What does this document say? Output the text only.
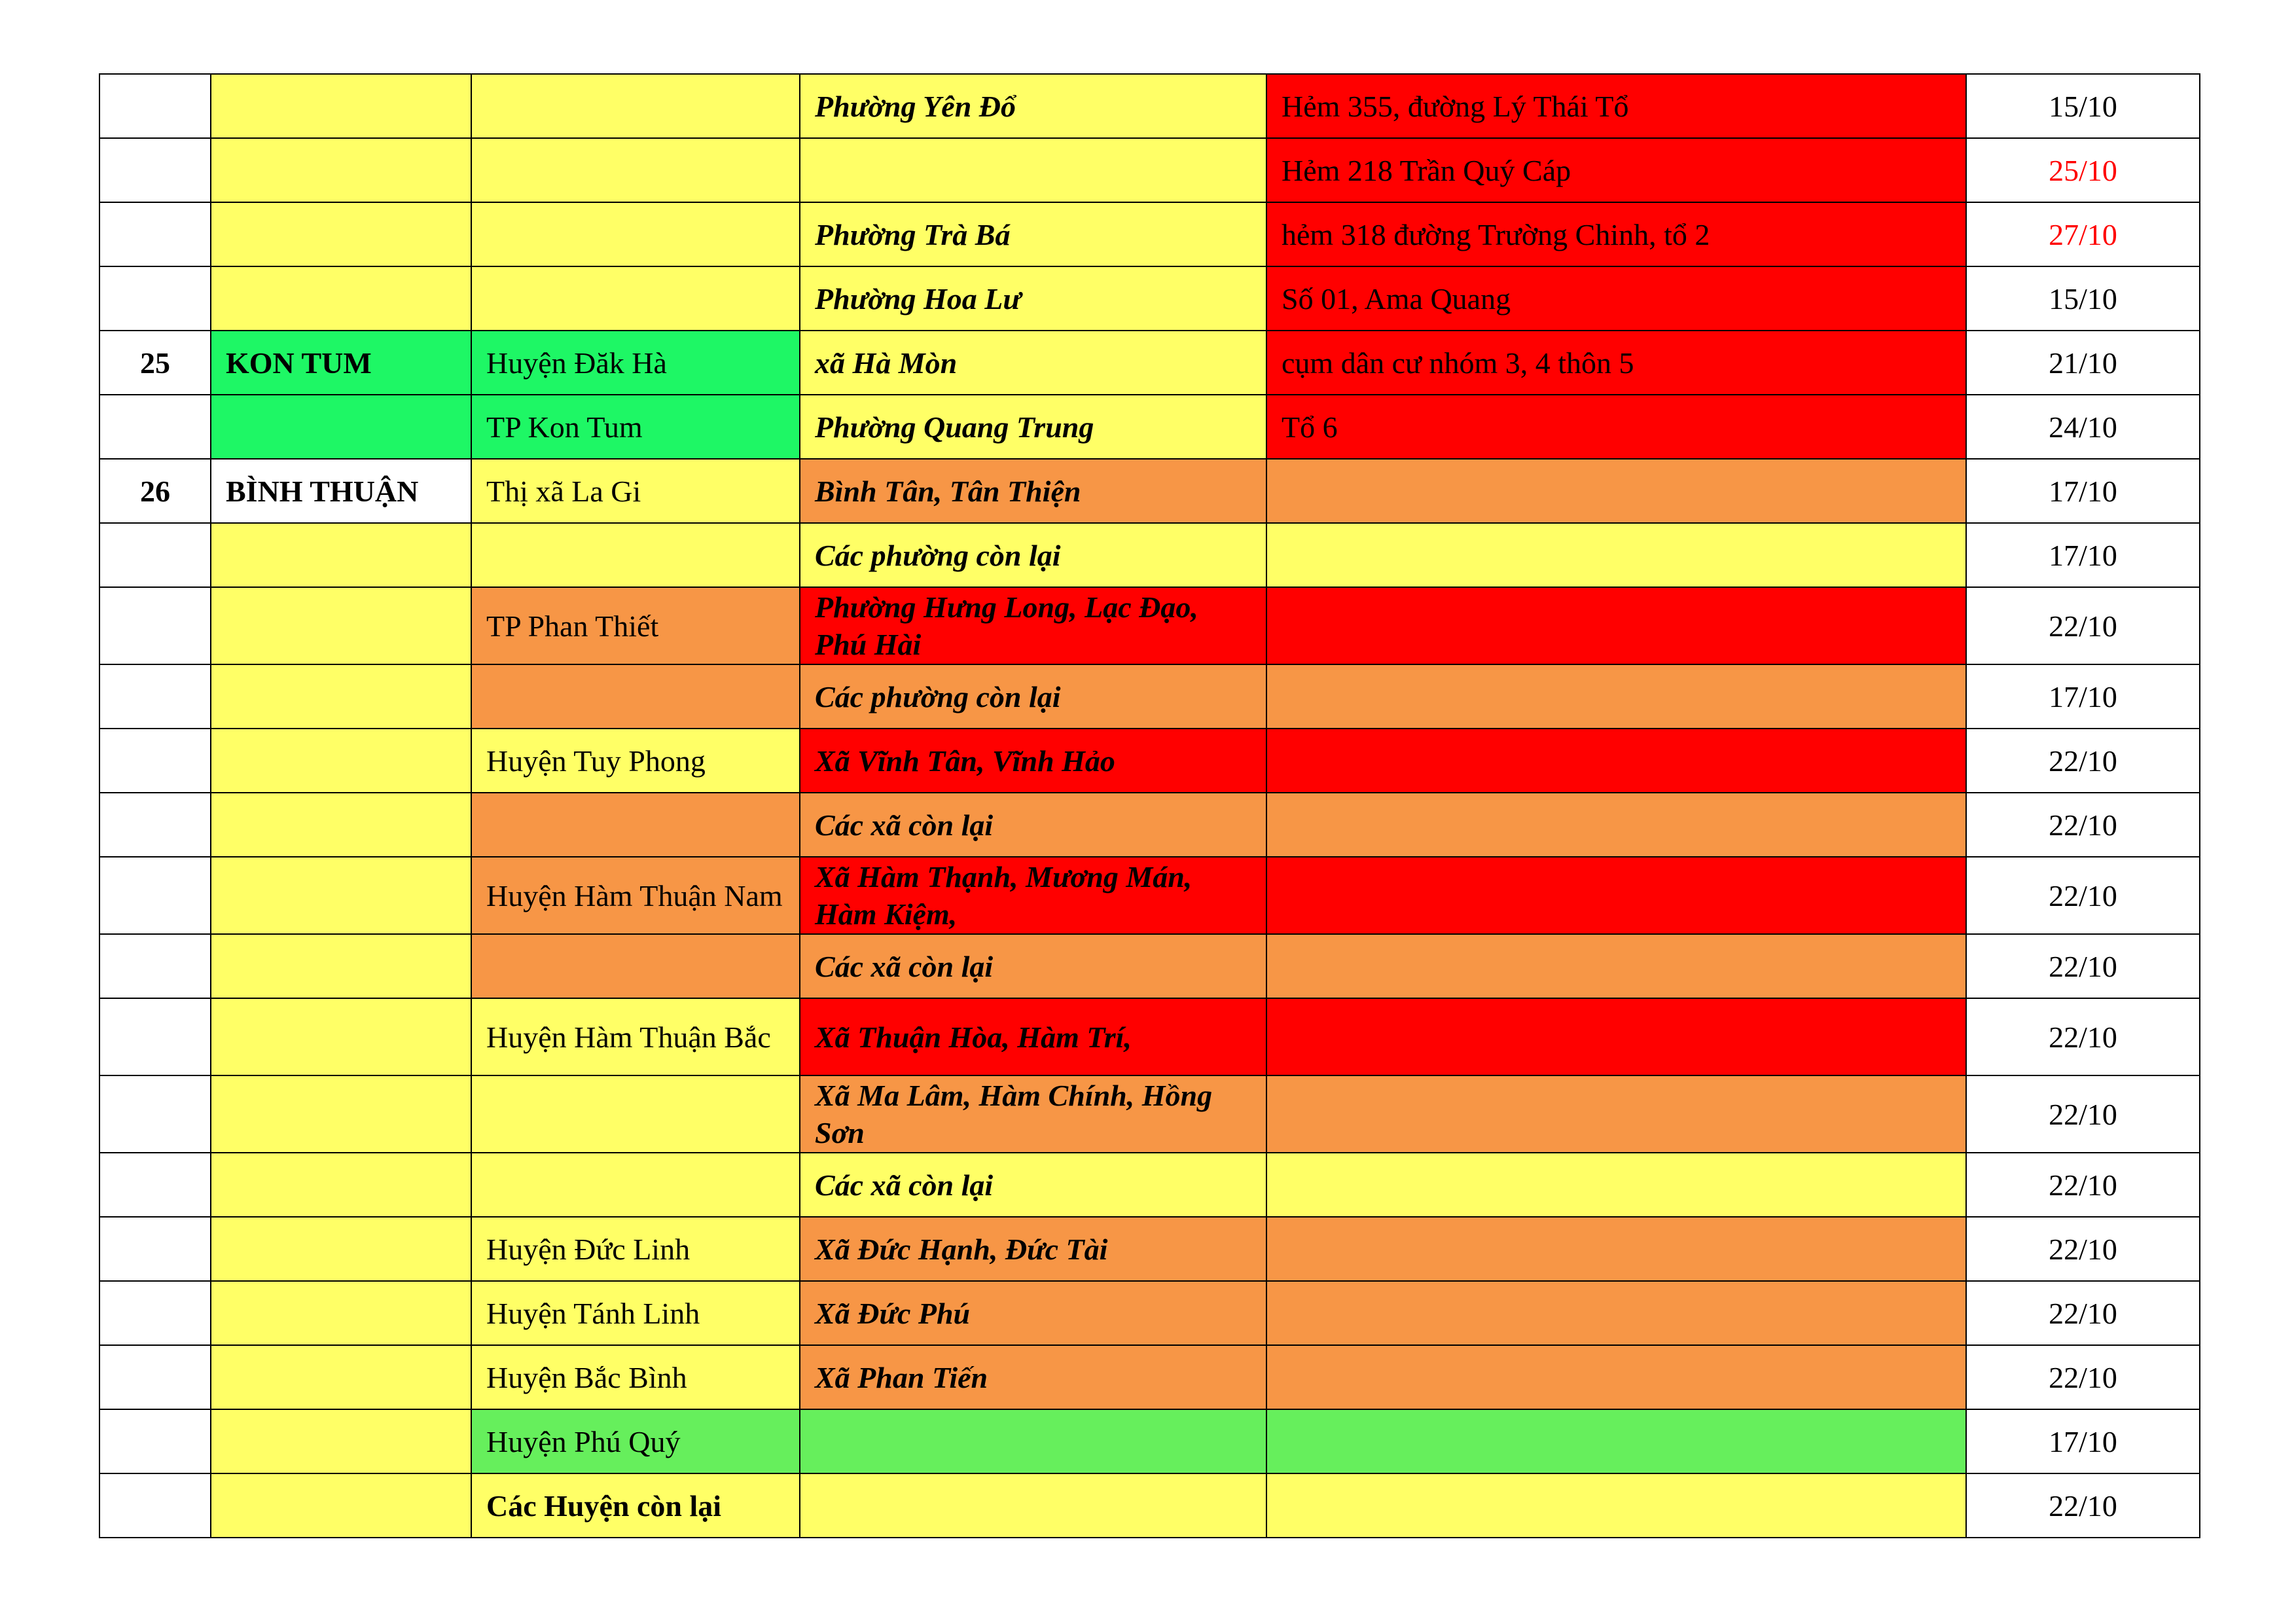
			Phường Yên Đổ	Hẻm 355, đường Lý Thái Tổ	15/10
				Hẻm 218 Trần Quý Cáp	25/10
			Phường Trà Bá	hẻm 318 đường Trường Chinh, tổ 2	27/10
			Phường Hoa Lư	Số 01, Ama Quang	15/10
25	KON TUM	Huyện Đăk Hà	xã Hà Mòn	cụm dân cư nhóm 3, 4 thôn 5	21/10
		TP Kon Tum	Phường Quang Trung	Tổ 6	24/10
26	BÌNH THUẬN	Thị xã La Gi	Bình Tân, Tân Thiện		17/10
			Các phường còn lại		17/10
		TP Phan Thiết	Phường Hưng Long, Lạc Đạo, Phú Hài		22/10
			Các phường còn lại		17/10
		Huyện Tuy Phong	Xã Vĩnh Tân, Vĩnh Hảo		22/10
			Các xã còn lại		22/10
		Huyện Hàm Thuận Nam	Xã Hàm Thạnh, Mương Mán, Hàm Kiệm,		22/10
			Các xã còn lại		22/10
		Huyện Hàm Thuận Bắc	Xã Thuận Hòa, Hàm Trí,		22/10
			Xã Ma Lâm, Hàm Chính, Hồng Sơn		22/10
			Các xã còn lại		22/10
		Huyện Đức Linh	Xã Đức Hạnh, Đức Tài		22/10
		Huyện Tánh Linh	Xã Đức Phú		22/10
		Huyện Bắc Bình	Xã Phan Tiến		22/10
		Huyện Phú Quý			17/10
		Các Huyện còn lại			22/10
